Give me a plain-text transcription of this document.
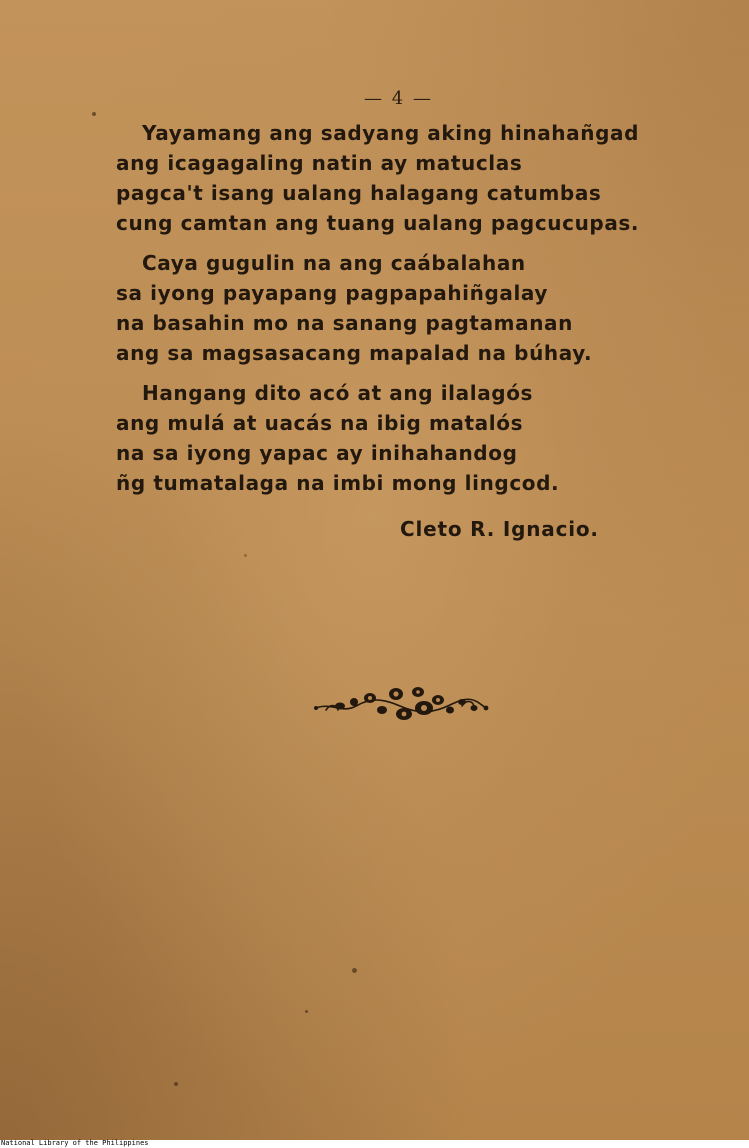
— 4 —
Yayamang ang sadyang aking hinahañgad
ang icagagaling natin ay matuclas
pagca't isang ualang halagang catumbas
cung camtan ang tuang ualang pagcucupas.
Caya gugulin na ang caábalahan
sa iyong payapang pagpapahiñgalay
na basahin mo na sanang pagtamanan
ang sa magsasacang mapalad na búhay.
Hangang dito acó at ang ilalagós
ang mulá at uacás na ibig matalós
na sa iyong yapac ay inihahandog
ñg tumatalaga na imbi mong lingcod.
Cleto R. Ignacio.
National Library of the Philippines
